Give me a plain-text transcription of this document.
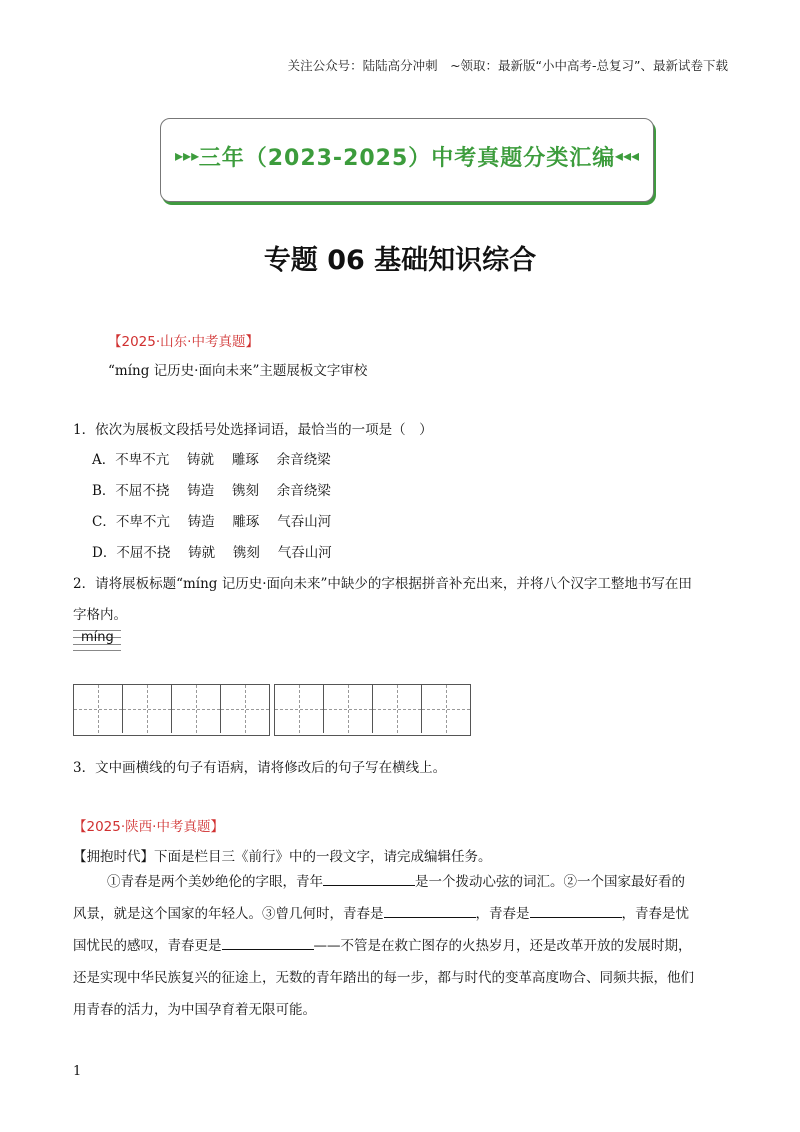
关注公众号：陆陆高分冲刺　~领取：最新版“小中高考-总复习”、最新试卷下载
▸▸▸ 三年（2023-2025）中考真题分类汇编 ◂◂◂
专题 06 基础知识综合
【2025·山东·中考真题】
“míng 记历史·面向未来”主题展板文字审校
1．依次为展板文段括号处选择词语，最恰当的一项是（　）
A．不卑不亢　 铸就　 雕琢　 余音绕梁
B．不屈不挠　 铸造　 镌刻　 余音绕梁
C．不卑不亢　 铸造　 雕琢　 气吞山河
D．不屈不挠　 铸就　 镌刻　 气吞山河
2．请将展板标题“míng 记历史·面向未来”中缺少的字根据拼音补充出来，并将八个汉字工整地书写在田
字格内。
míng
3．文中画横线的句子有语病，请将修改后的句子写在横线上。
【2025·陕西·中考真题】
【拥抱时代】下面是栏目三《前行》中的一段文字，请完成编辑任务。
①青春是两个美妙绝伦的字眼，青年	是一个拨动心弦的词汇。②一个国家最好看的
风景，就是这个国家的年轻人。③曾几何时，青春是	，青春是	，青春是忧
国忧民的感叹，青春更是	——不管是在救亡图存的火热岁月，还是改革开放的发展时期，
还是实现中华民族复兴的征途上，无数的青年踏出的每一步，都与时代的变革高度吻合、同频共振，他们
用青春的活力，为中国孕育着无限可能。
1
